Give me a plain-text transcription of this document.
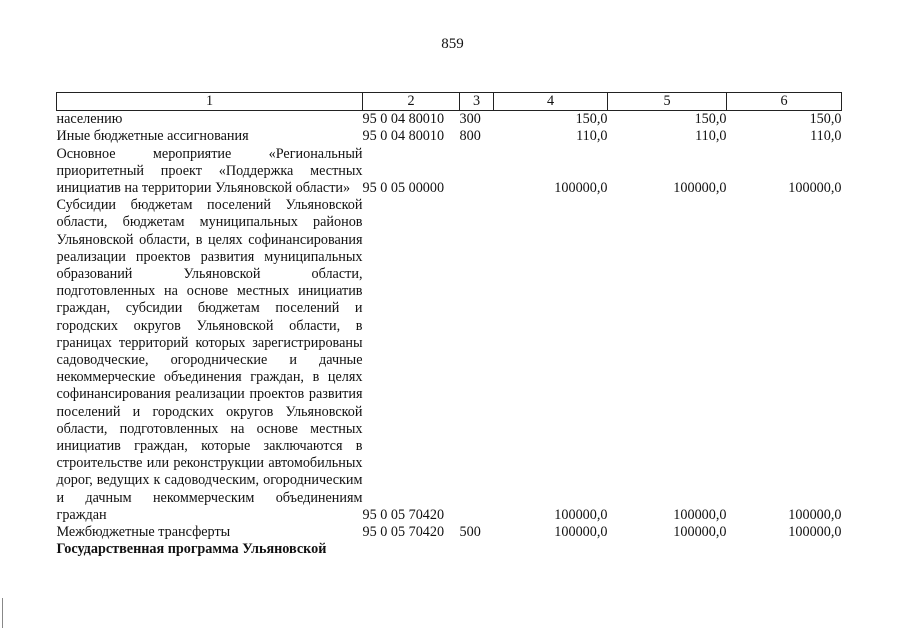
859
1	2	3	4	5	6
населению	95 0 04 80010	300	150,0	150,0	150,0
Иные бюджетные ассигнования	95 0 04 80010	800	110,0	110,0	110,0
Основное мероприятие «Региональный приоритетный проект «Поддержка местных инициатив на территории Ульяновской области»	95 0 05 00000		100000,0	100000,0	100000,0
Субсидии бюджетам поселений Ульяновской области, бюджетам муниципальных районов Ульяновской области, в целях софинансирования реализации проектов развития муниципальных образований Ульяновской области, подготовленных на основе местных инициатив граждан, субсидии бюджетам поселений и городских округов Ульяновской области, в границах территорий которых зарегистрированы садоводческие, огороднические и дачные некоммерческие объединения граждан, в целях софинансирования реализации проектов развития поселений и городских округов Ульяновской области, подготовленных на основе местных инициатив граждан, которые заключаются в строительстве или реконструкции автомобильных дорог, ведущих к садоводческим, огородническим и дачным некоммерческим объединениям граждан	95 0 05 70420		100000,0	100000,0	100000,0
Межбюджетные трансферты	95 0 05 70420	500	100000,0	100000,0	100000,0
Государственная программа Ульяновской					
